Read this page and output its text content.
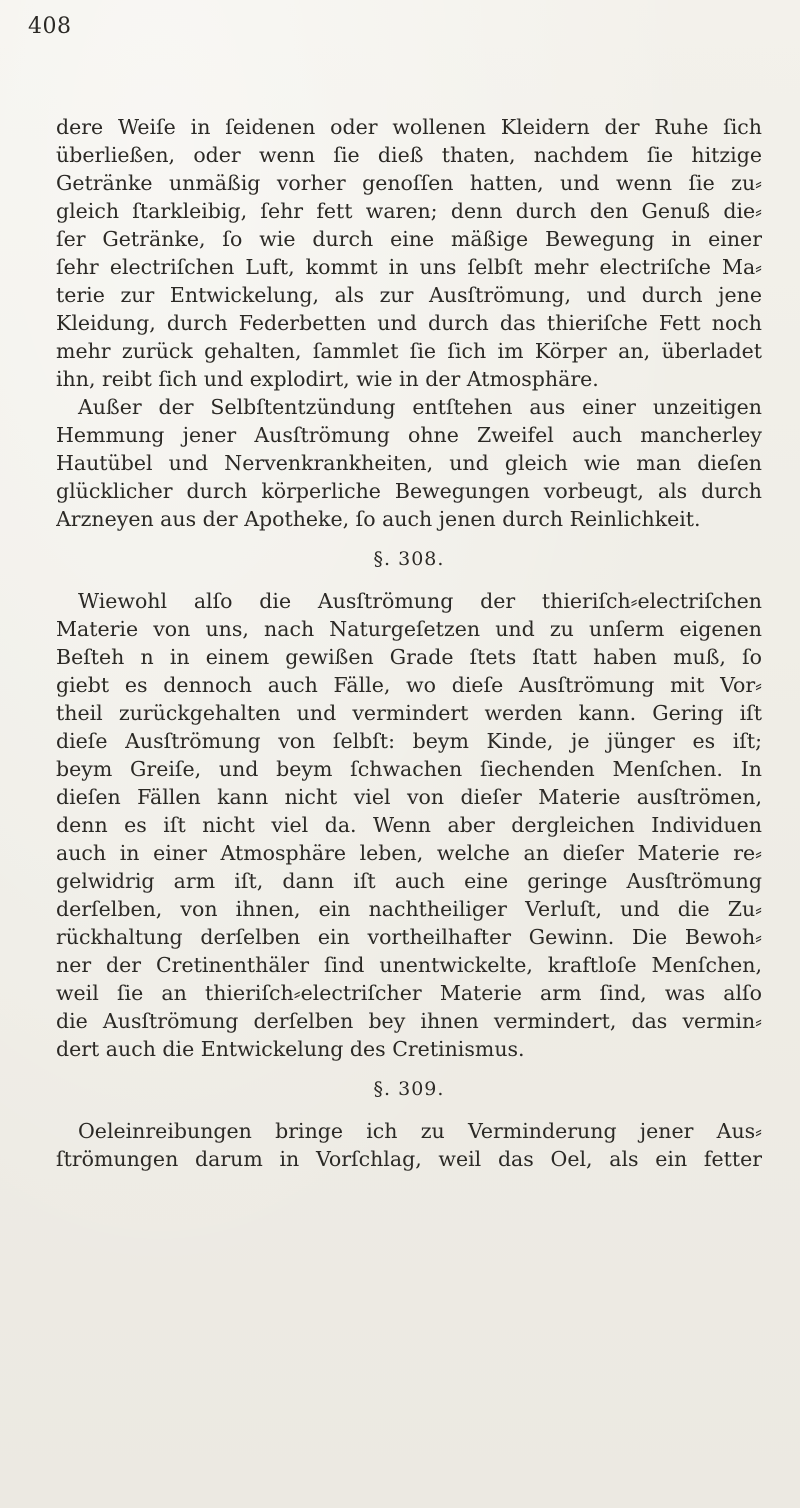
408
dere Weiſe in ſeidenen oder wollenen Kleidern der Ruhe ſich
überließen, oder wenn ſie dieß thaten, nachdem ſie hitzige
Getränke unmäßig vorher genoſſen hatten, und wenn ſie zu⸗
gleich ſtarkleibig, ſehr fett waren; denn durch den Genuß die⸗
ſer Getränke, ſo wie durch eine mäßige Bewegung in einer
ſehr electriſchen Luft, kommt in uns ſelbſt mehr electriſche Ma⸗
terie zur Entwickelung, als zur Ausſtrömung, und durch jene
Kleidung, durch Federbetten und durch das thieriſche Fett noch
mehr zurück gehalten, ſammlet ſie ſich im Körper an, überladet
ihn, reibt ſich und explodirt, wie in der Atmosphäre.
Außer der Selbſtentzündung entſtehen aus einer unzeitigen
Hemmung jener Ausſtrömung ohne Zweifel auch mancherley
Hautübel und Nervenkrankheiten, und gleich wie man dieſen
glücklicher durch körperliche Bewegungen vorbeugt, als durch
Arzneyen aus der Apotheke, ſo auch jenen durch Reinlichkeit.
§. 308.
Wiewohl alſo die Ausſtrömung der thieriſch⸗electriſchen
Materie von uns, nach Naturgeſetzen und zu unſerm eigenen
Beſteh n in einem gewißen Grade ſtets ſtatt haben muß, ſo
giebt es dennoch auch Fälle, wo dieſe Ausſtrömung mit Vor⸗
theil zurückgehalten und vermindert werden kann. Gering iſt
dieſe Ausſtrömung von ſelbſt: beym Kinde, je jünger es iſt;
beym Greiſe, und beym ſchwachen ſiechenden Menſchen. In
dieſen Fällen kann nicht viel von dieſer Materie ausſtrömen,
denn es iſt nicht viel da. Wenn aber dergleichen Individuen
auch in einer Atmosphäre leben, welche an dieſer Materie re⸗
gelwidrig arm iſt, dann iſt auch eine geringe Ausſtrömung
derſelben, von ihnen, ein nachtheiliger Verluſt, und die Zu⸗
rückhaltung derſelben ein vortheilhafter Gewinn. Die Bewoh⸗
ner der Cretinenthäler ſind unentwickelte, kraftloſe Menſchen,
weil ſie an thieriſch⸗electriſcher Materie arm ſind, was alſo
die Ausſtrömung derſelben bey ihnen vermindert, das vermin⸗
dert auch die Entwickelung des Cretinismus.
§. 309.
Oeleinreibungen bringe ich zu Verminderung jener Aus⸗
ſtrömungen darum in Vorſchlag, weil das Oel, als ein fetter
